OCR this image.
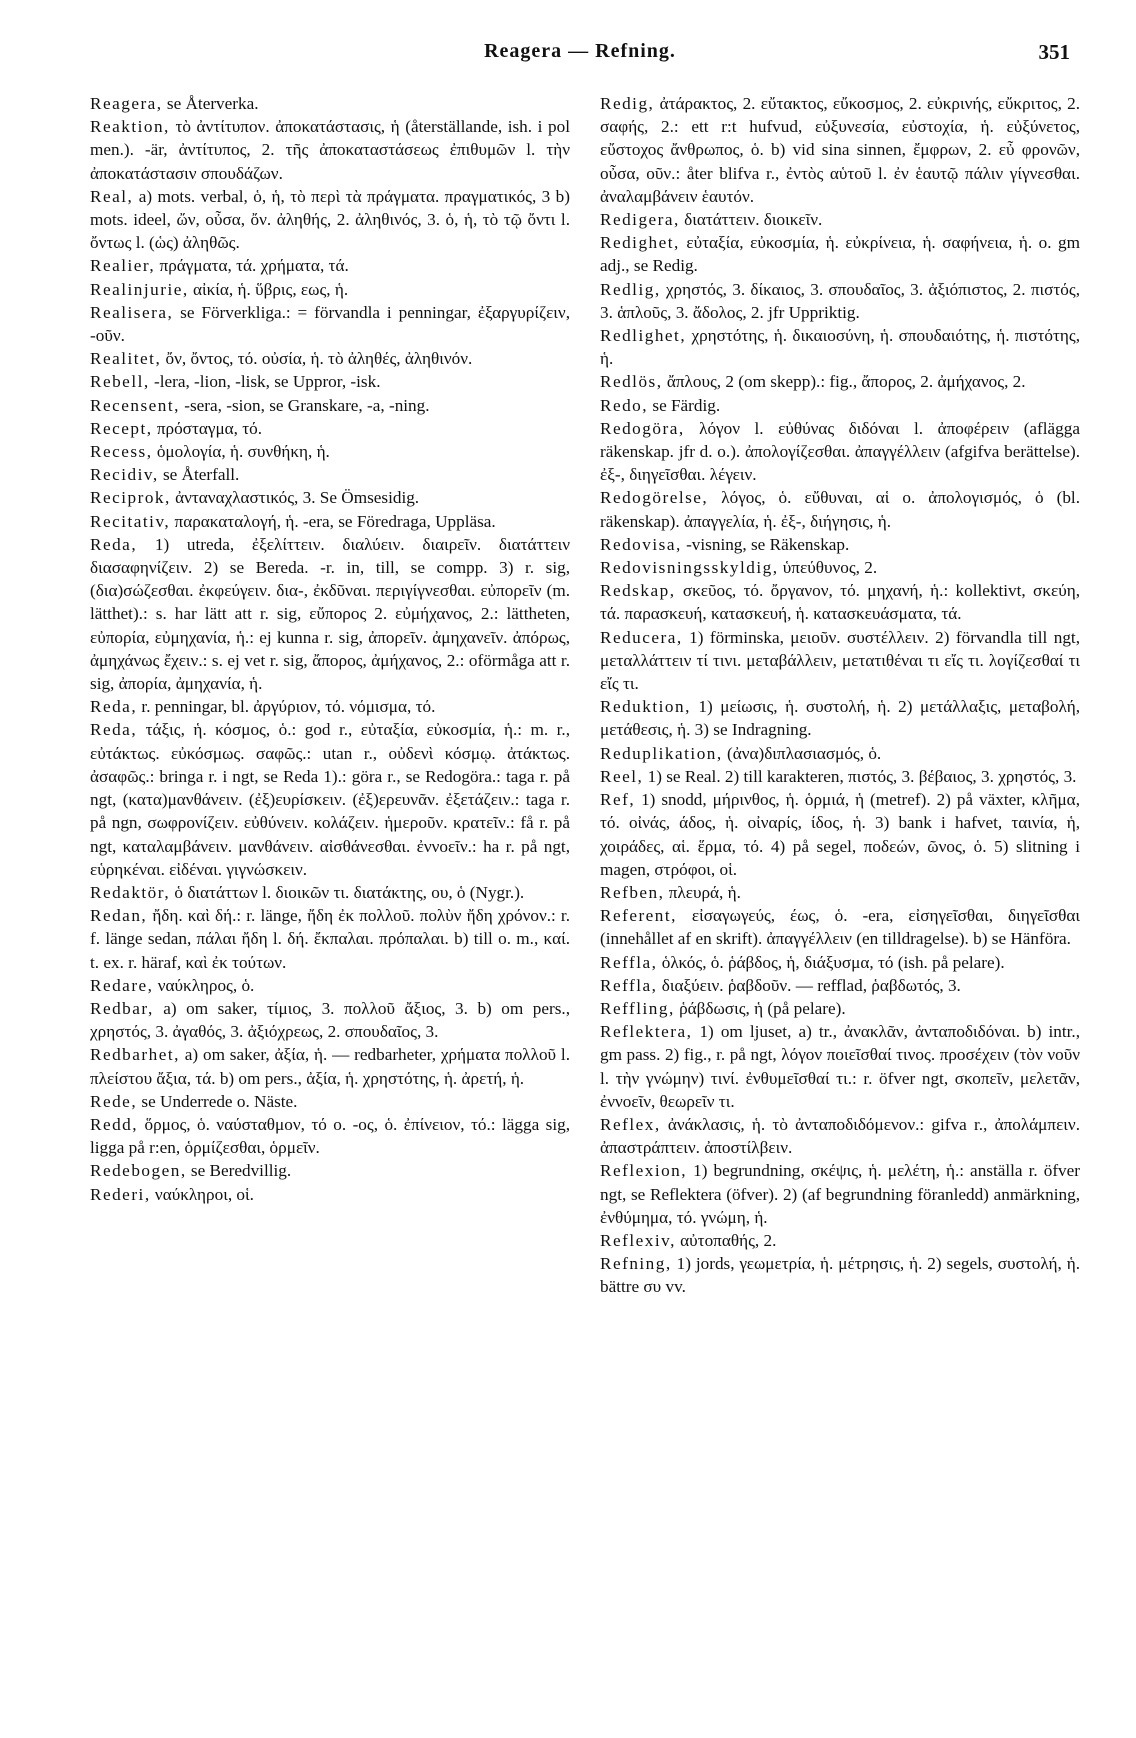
Reagera — Refning.	351

Reagera, se Återverka.

Reaktion, τὸ ἀντίτυπον. ἀποκατάστασις, ἡ (återställande, ish. i pol men.). -är, ἀντίτυπος, 2. τῆς ἀποκαταστάσεως ἐπιθυμῶν l. τὴν ἀποκατάστασιν σπουδάζων.

Real, a) mots. verbal, ὁ, ἡ, τὸ περὶ τὰ πράγματα. πραγματικός, 3 b) mots. ideel, ὤν, οὖσα, ὄν. ἀληθής, 2. ἀληθινός, 3. ὁ, ἡ, τὸ τῷ ὄντι l. ὄντως l. (ὡς) ἀληθῶς.

Realier, πράγματα, τά. χρήματα, τά.

Realinjurie, αἰκία, ἡ. ὕβρις, εως, ἡ.

Realisera, se Förverkliga.: = förvandla i penningar, ἐξαργυρίζειν, -οῦν.

Realitet, ὄν, ὄντος, τό. οὐσία, ἡ. τὸ ἀληθές, ἀληθινόν.

Rebell, -lera, -lion, -lisk, se Uppror, -isk.

Recensent, -sera, -sion, se Granskare, -a, -ning.

Recept, πρόσταγμα, τό.

Recess, ὁμολογία, ἡ. συνθήκη, ἡ.

Recidiv, se Återfall.

Reciprok, ἀνταναχλαστικός, 3. Se Ömsesidig.

Recitativ, παρακαταλογή, ἡ. -era, se Föredraga, Uppläsa.

Reda, 1) utreda, ἐξελίττειν. διαλύειν. διαιρεῖν. διατάττειν διασαφηνίζειν. 2) se Bereda. -r. in, till, se compp. 3) r. sig, (δια)σώζεσθαι. ἐκφεύγειν. δια-, ἐκδῦναι. περιγίγνεσθαι. εὐπορεῖν (m. lätthet).: s. har lätt att r. sig, εὔπορος 2. εὐμήχανος, 2.: lättheten, εὐπορία, εὐμηχανία, ἡ.: ej kunna r. sig, ἀπορεῖν. ἀμηχανεῖν. ἀπόρως, ἀμηχάνως ἔχειν.: s. ej vet r. sig, ἄπορος, ἀμήχανος, 2.: oförmåga att r. sig, ἀπορία, ἀμηχανία, ἡ.

Reda, r. penningar, bl. ἀργύριον, τό. νόμισμα, τό.

Reda, τάξις, ἡ. κόσμος, ὁ.: god r., εὐταξία, εὐκοσμία, ἡ.: m. r., εὐτάκτως. εὐκόσμως. σαφῶς.: utan r., οὐδενὶ κόσμῳ. ἀτάκτως. ἀσαφῶς.: bringa r. i ngt, se Reda 1).: göra r., se Redogöra.: taga r. på ngt, (κατα)μανθάνειν. (ἐξ)ευρίσκειν. (ἐξ)ερευνᾶν. ἐξετάζειν.: taga r. på ngn, σωφρονίζειν. εὐθύνειν. κολάζειν. ἡμεροῦν. κρατεῖν.: få r. på ngt, καταλαμβάνειν. μανθάνειν. αἰσθάνεσθαι. ἐννοεῖν.: ha r. på ngt, εὑρηκέναι. εἰδέναι. γιγνώσκειν.

Redaktör, ὁ διατάττων l. διοικῶν τι. διατάκτης, ου, ὁ (Nygr.).

Redan, ἤδη. καὶ δή.: r. länge, ἤδη ἐκ πολλοῦ. πολὺν ἤδη χρόνον.: r. f. länge sedan, πάλαι ἤδη l. δή. ἔκπαλαι. πρόπαλαι. b) till o. m., καί. t. ex. r. häraf, καὶ ἐκ τούτων.

Redare, ναύκληρος, ὁ.

Redbar, a) om saker, τίμιος, 3. πολλοῦ ἄξιος, 3. b) om pers., χρηστός, 3. ἀγαθός, 3. ἀξιόχρεως, 2. σπουδαῖος, 3.

Redbarhet, a) om saker, ἀξία, ἡ. — redbarheter, χρήματα πολλοῦ l. πλείστου ἄξια, τά. b) om pers., ἀξία, ἡ. χρηστότης, ἡ. ἀρετή, ἡ.

Rede, se Underrede o. Näste.

Redd, ὅρμος, ὁ. ναύσταθμον, τό o. -ος, ὁ. ἐπίνειον, τό.: lägga sig, ligga på r:en, ὁρμίζεσθαι, ὁρμεῖν.

Redebogen, se Beredvillig.

Rederi, ναύκληροι, οἱ.

Redig, ἀτάρακτος, 2. εὔτακτος, εὔκοσμος, 2. εὐκρινής, εὔκριτος, 2. σαφής, 2.: ett r:t hufvud, εὐξυνεσία, εὐστοχία, ἡ. εὐξύνετος, εὔστοχος ἄνθρωπος, ὁ. b) vid sina sinnen, ἔμφρων, 2. εὖ φρονῶν, οὖσα, οῦν.: åter blifva r., ἐντὸς αὑτοῦ l. ἐν ἑαυτῷ πάλιν γίγνεσθαι. ἀναλαμβάνειν ἑαυτόν.

Redigera, διατάττειν. διοικεῖν.

Redighet, εὐταξία, εὐκοσμία, ἡ. εὐκρίνεια, ἡ. σαφήνεια, ἡ. o. gm adj., se Redig.

Redlig, χρηστός, 3. δίκαιος, 3. σπουδαῖος, 3. ἀξιόπιστος, 2. πιστός, 3. ἁπλοῦς, 3. ἄδολος, 2. jfr Uppriktig.

Redlighet, χρηστότης, ἡ. δικαιοσύνη, ἡ. σπουδαιότης, ἡ. πιστότης, ἡ.

Redlös, ἄπλους, 2 (om skepp).: fig., ἄπορος, 2. ἀμήχανος, 2.

Redo, se Färdig.

Redogöra, λόγον l. εὐθύνας διδόναι l. ἀποφέρειν (aflägga räkenskap. jfr d. o.). ἀπολογίζεσθαι. ἀπαγγέλλειν (afgifva berättelse). ἐξ-, διηγεῖσθαι. λέγειν.

Redogörelse, λόγος, ὁ. εὔθυναι, αἱ o. ἀπολογισμός, ὁ (bl. räkenskap). ἀπαγγελία, ἡ. ἐξ-, διήγησις, ἡ.

Redovisa, -visning, se Räkenskap.

Redovisningsskyldig, ὑπεύθυνος, 2.

Redskap, σκεῦος, τό. ὄργανον, τό. μηχανή, ἡ.: kollektivt, σκεύη, τά. παρασκευή, κατασκευή, ἡ. κατασκευάσματα, τά.

Reducera, 1) förminska, μειοῦν. συστέλλειν. 2) förvandla till ngt, μεταλλάττειν τί τινι. μεταβάλλειν, μετατιθέναι τι εἴς τι. λογίζεσθαί τι εἴς τι.

Reduktion, 1) μείωσις, ἡ. συστολή, ἡ. 2) μετάλλαξις, μεταβολή, μετάθεσις, ἡ. 3) se Indragning.

Reduplikation, (ἀνα)διπλασιασμός, ὁ.

Reel, 1) se Real. 2) till karakteren, πιστός, 3. βέβαιος, 3. χρηστός, 3.

Ref, 1) snodd, μήρινθος, ἡ. ὁρμιά, ἡ (metref). 2) på växter, κλῆμα, τό. οἰνάς, άδος, ἡ. οἰναρίς, ίδος, ἡ. 3) bank i hafvet, ταινία, ἡ, χοιράδες, αἱ. ἕρμα, τό. 4) på segel, ποδεών, ῶνος, ὁ. 5) slitning i magen, στρόφοι, οἱ.

Refben, πλευρά, ἡ.

Referent, εἰσαγωγεύς, έως, ὁ. -era, εἰσηγεῖσθαι, διηγεῖσθαι (innehållet af en skrift). ἀπαγγέλλειν (en tilldragelse). b) se Hänföra.

Reffla, ὁλκός, ὁ. ῥάβδος, ἡ, διάξυσμα, τό (ish. på pelare).

Reffla, διαξύειν. ῥαβδοῦν. — refflad, ῥαβδωτός, 3.

Reffling, ῥάβδωσις, ἡ (på pelare).

Reflektera, 1) om ljuset, a) tr., ἀνακλᾶν, ἀνταποδιδόναι. b) intr., gm pass. 2) fig., r. på ngt, λόγον ποιεῖσθαί τινος. προσέχειν (τὸν νοῦν l. τὴν γνώμην) τινί. ἐνθυμεῖσθαί τι.: r. öfver ngt, σκοπεῖν, μελετᾶν, ἐννοεῖν, θεωρεῖν τι.

Reflex, ἀνάκλασις, ἡ. τὸ ἀνταποδιδόμενον.: gifva r., ἀπολάμπειν. ἀπαστράπτειν. ἀποστίλβειν.

Reflexion, 1) begrundning, σκέψις, ἡ. μελέτη, ἡ.: anställa r. öfver ngt, se Reflektera (öfver). 2) (af begrundning föranledd) anmärkning, ἐνθύμημα, τό. γνώμη, ἡ.

Reflexiv, αὐτοπαθής, 2.

Refning, 1) jords, γεωμετρία, ἡ. μέτρησις, ἡ. 2) segels, συστολή, ἡ. bättre συ vv.
